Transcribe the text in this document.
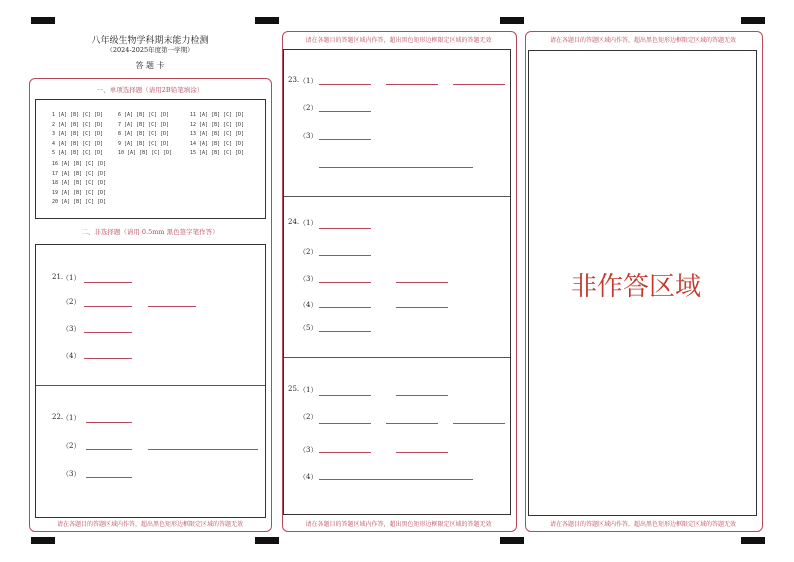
八年级生物学科期末能力检测
（2024-2025年度第一学期）
答 题 卡
一、单项选择题（请用2B铅笔填涂）
1 [A] [B] [C] [D]
2 [A] [B] [C] [D]
3 [A] [B] [C] [D]
4 [A] [B] [C] [D]
5 [A] [B] [C] [D]
6 [A] [B] [C] [D]
7 [A] [B] [C] [D]
8 [A] [B] [C] [D]
9 [A] [B] [C] [D]
10 [A] [B] [C] [D]
11 [A] [B] [C] [D]
12 [A] [B] [C] [D]
13 [A] [B] [C] [D]
14 [A] [B] [C] [D]
15 [A] [B] [C] [D]
16 [A] [B] [C] [D]
17 [A] [B] [C] [D]
18 [A] [B] [C] [D]
19 [A] [B] [C] [D]
20 [A] [B] [C] [D]
二、非选择题（请用 0.5mm 黑色签字笔作答）
21.
（1）
（2）
（3）
（4）
22.
（1）
（2）
（3）
请在各题目的答题区域内作答，超出黑色矩形边框限定区域的答题无效
请在各题目的答题区域内作答，超出黑色矩形边框限定区域的答题无效
23. （1）
（2）
（3）
24. （1）
（2）
（3）
（4）
（5）
25. （1）
（2）
（3）
（4）
请在各题目的答题区域内作答，超出黑色矩形边框限定区域的答题无效
请在各题目的答题区域内作答，超出黑色矩形边框限定区域的答题无效
非作答区域
请在各题目的答题区域内作答，超出黑色矩形边框限定区域的答题无效
